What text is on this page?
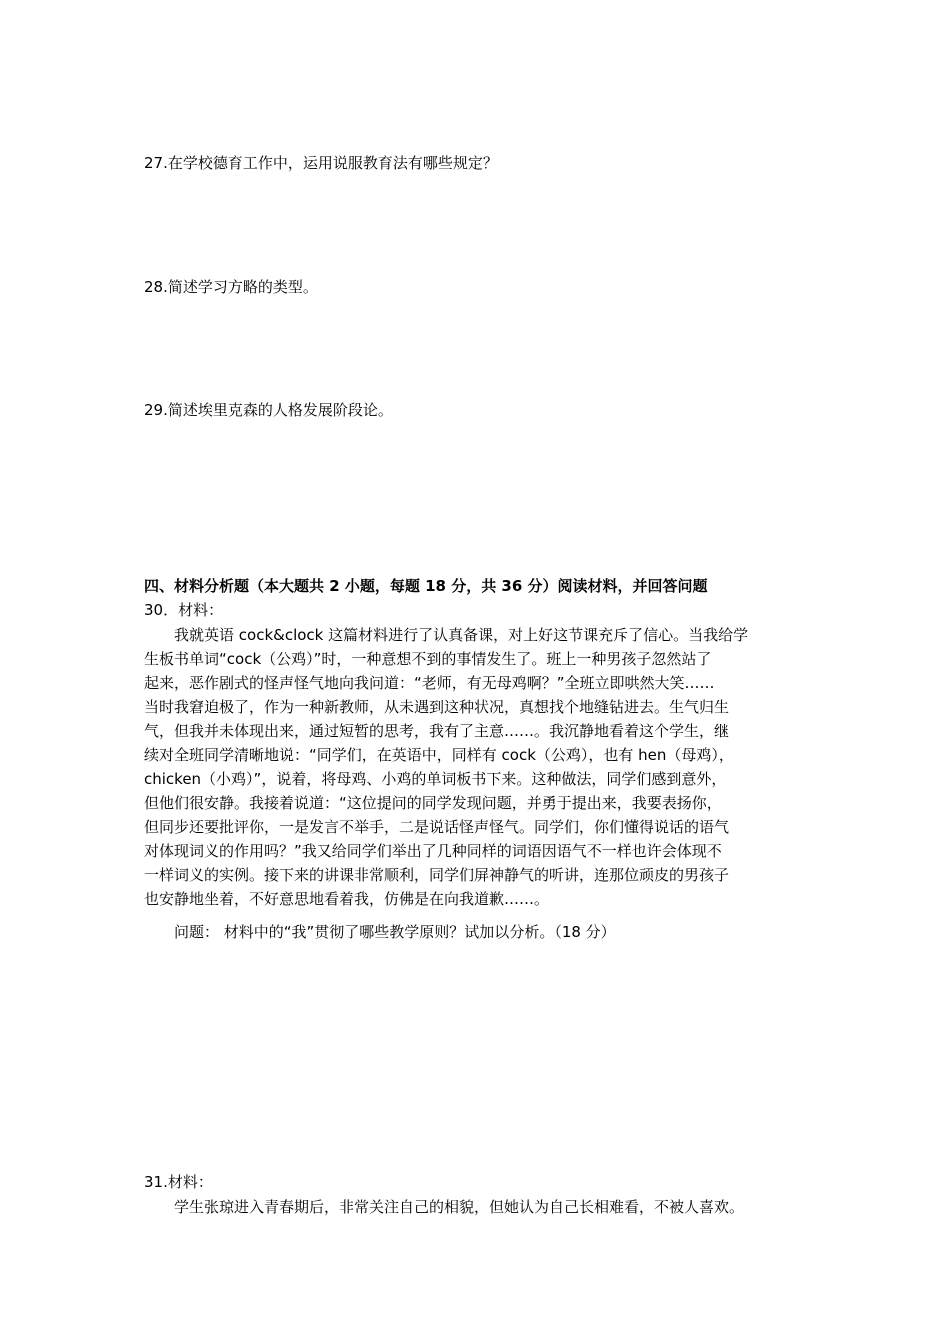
27.在学校德育工作中，运用说服教育法有哪些规定？
28.简述学习方略的类型。
29.简述埃里克森的人格发展阶段论。
四、材料分析题（本大题共 2 小题，每题 18 分，共 36 分）阅读材料，并回答问题
30．材料：
　　我就英语 cock&clock 这篇材料进行了认真备课，对上好这节课充斥了信心。当我给学
生板书单词“cock（公鸡）”时，一种意想不到的事情发生了。班上一种男孩子忽然站了
起来，恶作剧式的怪声怪气地向我问道：“老师，有无母鸡啊？”全班立即哄然大笑……
当时我窘迫极了，作为一种新教师，从未遇到这种状况，真想找个地缝钻进去。生气归生
气，但我并未体现出来，通过短暂的思考，我有了主意……。我沉静地看着这个学生，继
续对全班同学清晰地说：“同学们，在英语中，同样有 cock（公鸡），也有 hen（母鸡），
chicken（小鸡）”，说着，将母鸡、小鸡的单词板书下来。这种做法，同学们感到意外，
但他们很安静。我接着说道：“这位提问的同学发现问题，并勇于提出来，我要表扬你，
但同步还要批评你，一是发言不举手，二是说话怪声怪气。同学们，你们懂得说话的语气
对体现词义的作用吗？”我又给同学们举出了几种同样的词语因语气不一样也许会体现不
一样词义的实例。接下来的讲课非常顺利，同学们屏神静气的听讲，连那位顽皮的男孩子
也安静地坐着，不好意思地看着我，仿佛是在向我道歉……。
　　问题： 材料中的“我”贯彻了哪些教学原则？试加以分析。（18 分）
31.材料：
　　学生张琼进入青春期后，非常关注自己的相貌，但她认为自己长相难看，不被人喜欢。
